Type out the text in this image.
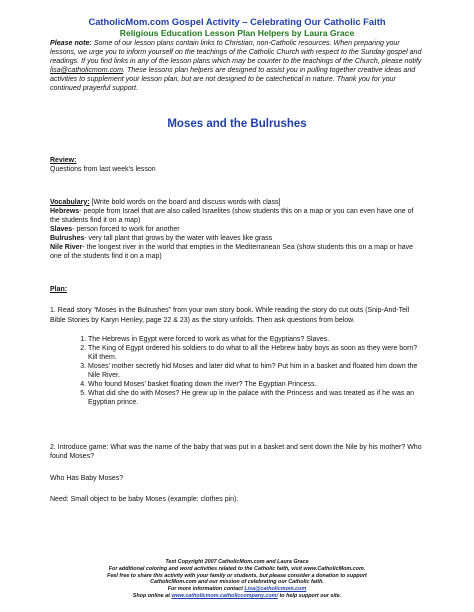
CatholicMom.com Gospel Activity – Celebrating Our Catholic Faith
Religious Education Lesson Plan Helpers by Laura Grace

Please note: Some of our lesson plans contain links to Christian, non-Catholic resources. When preparing your lessons, we urge you to inform yourself on the teachings of the Catholic Church with respect to the Sunday gospel and readings. If you find links in any of the lesson plans which may be counter to the teachings of the Church, please notify lisa@catholicmom.com. These lessons plan helpers are designed to assist you in pulling together creative ideas and activities to supplement your lesson plan, but are not designed to be catechetical in nature. Thank you for your continued prayerful support.

Moses and the Bulrushes
Review:
Questions from last week’s lesson
Vocabulary: [Write bold words on the board and discuss words with class]
Hebrews- people from Israel that are also called Israelites (show students this on a map or you can even have one of the students find it on a map)
Slaves- person forced to work for another
Bulrushes- very tall plant that grows by the water with leaves like grass
Nile River- the longest river in the world that empties in the Mediterranean Sea (show students this on a map or have one of the students find it on a map)
Plan:
1. Read story “Moses in the Bulrushes” from your own story book. While reading the story do cut outs (Snip-And-Tell Bible Stories by Karyn Henley, page 22 & 23) as the story unfolds. Then ask questions from below.
1. The Hebrews in Egypt were forced to work as what for the Egyptians? Slaves.
2. The King of Egypt ordered his soldiers to do what to all the Hebrew baby boys as soon as they were born? Kill them.
3. Moses’ mother secretly hid Moses and later did what to him? Put him in a basket and floated him down the Nile River.
4. Who found Moses’ basket floating down the river? The Egyptian Princess.
5. What did she do with Moses? He grew up in the palace with the Princess and was treated as if he was an Egyptian prince.
2. Introduce game: What was the name of the baby that was put in a basket and sent down the Nile by his mother? Who found Moses?
Who Has Baby Moses?
Need: Small object to be baby Moses (example: clothes pin).
Text Copyright 2007 CatholicMom.com and Laura Grace
For additional coloring and word activities related to the Catholic faith, visit www.CatholicMom.com.
Feel free to share this activity with your family or students, but please consider a donation to support
CatholicMom.com and our mission of celebrating our Catholic faith.
For more information contact Lisa@catholicmom.com
Shop online at www.catholicmom.catholiccompany.com/ to help support our site.
